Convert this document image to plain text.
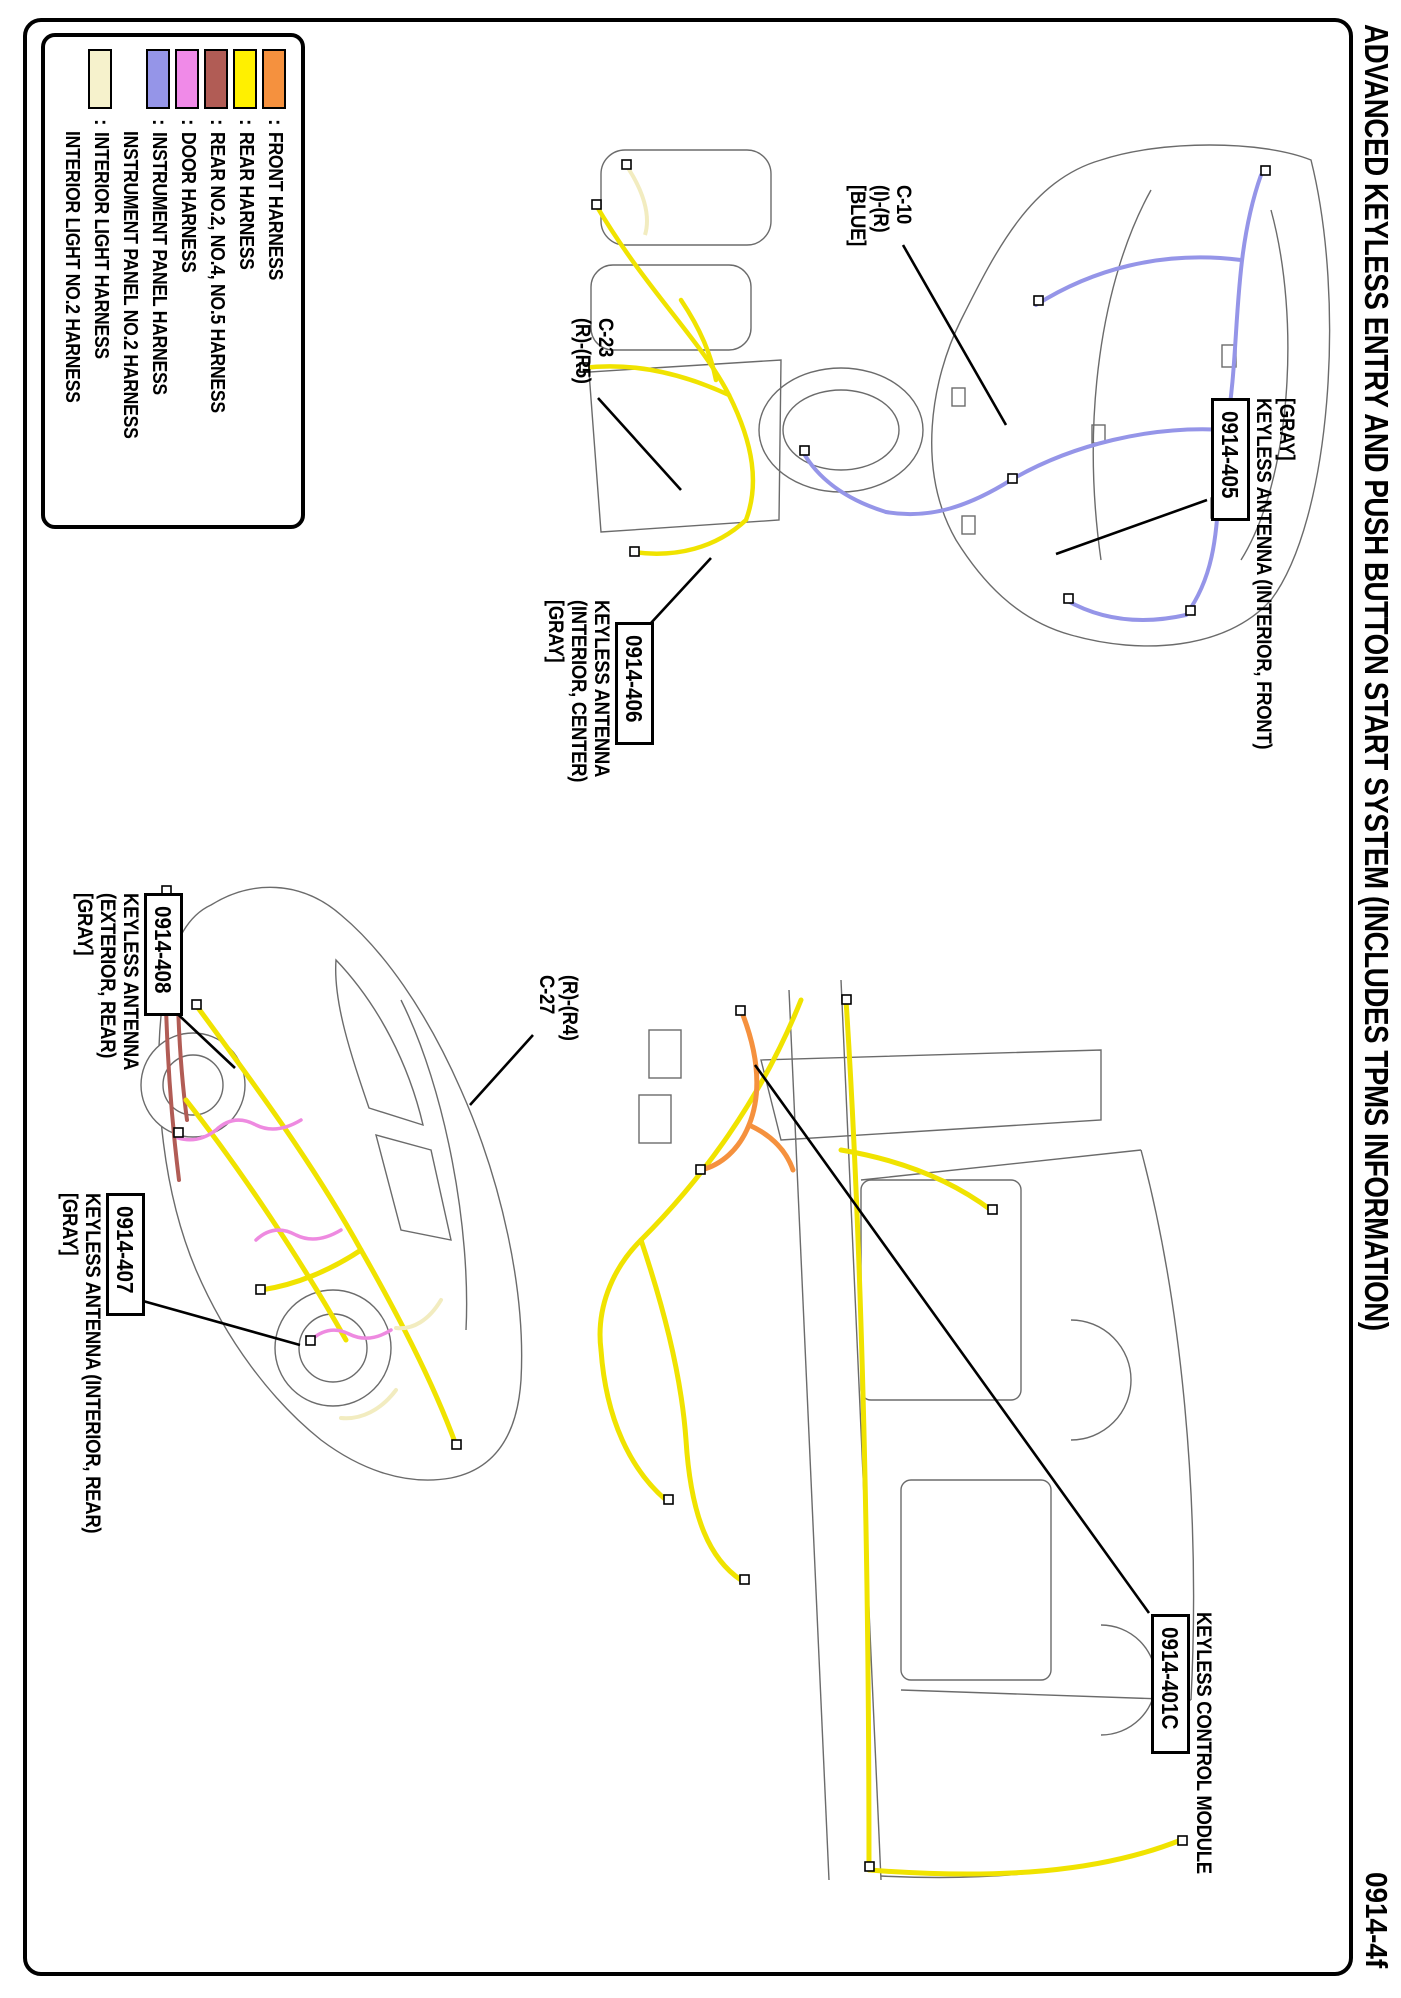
ADVANCED KEYLESS ENTRY AND PUSH BUTTON START SYSTEM (INCLUDES TPMS INFORMATION)
0914-4f
:
FRONT HARNESS
:
REAR HARNESS
:
REAR NO.2, NO.4, NO.5 HARNESS
:
DOOR HARNESS
:
INSTRUMENT PANEL HARNESS
INSTRUMENT PANEL NO.2 HARNESS
:
INTERIOR LIGHT HARNESS
INTERIOR LIGHT NO.2 HARNESS	C-10
(I)-(R)
[BLUE]
[GRAY]
KEYLESS ANTENNA (INTERIOR, FRONT)
0914-405
C-23
(R)-(R5)
0914-406
KEYLESS ANTENNA
(INTERIOR, CENTER)
[GRAY]
0914-408
KEYLESS ANTENNA
(EXTERIOR, REAR)
[GRAY]
(R)-(R4)
C-27
0914-407
KEYLESS ANTENNA (INTERIOR, REAR)
[GRAY]
KEYLESS CONTROL MODULE
0914-401C
